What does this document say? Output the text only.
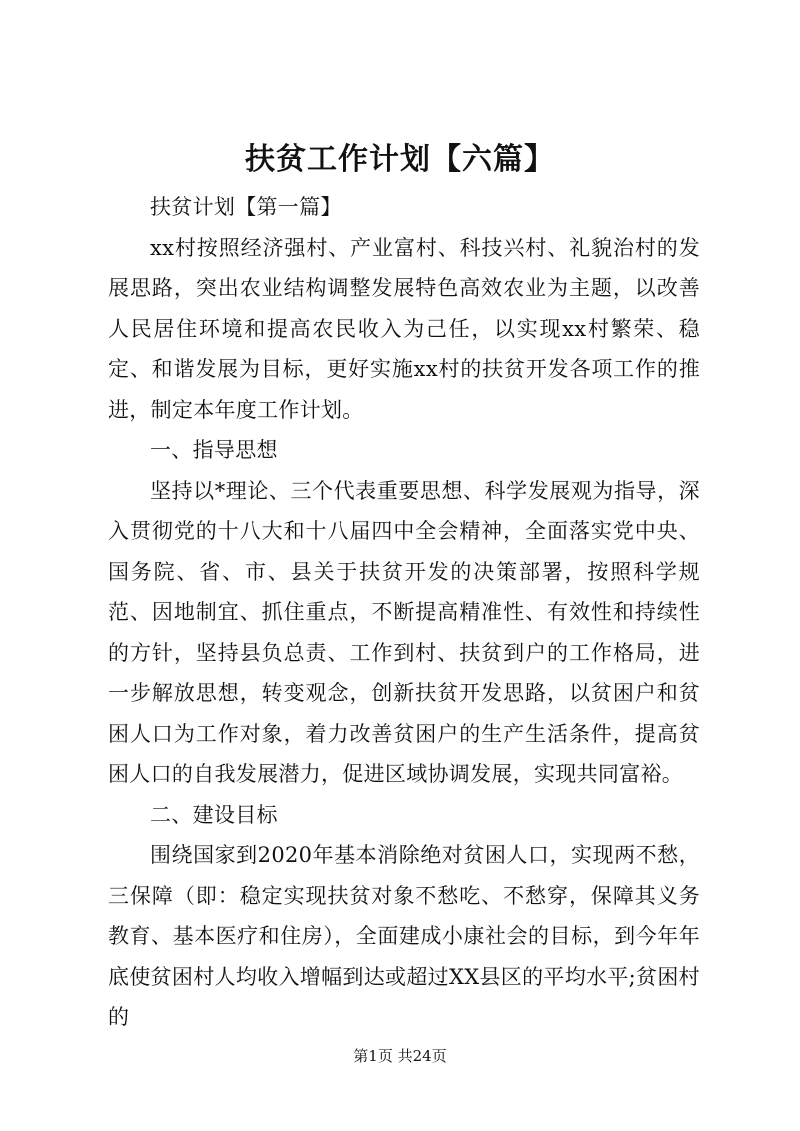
扶贫工作计划【六篇】

扶贫计划【第一篇】

xx村按照经济强村、产业富村、科技兴村、礼貌治村的发展思路，突出农业结构调整发展特色高效农业为主题，以改善人民居住环境和提高农民收入为己任，以实现xx村繁荣、稳定、和谐发展为目标，更好实施xx村的扶贫开发各项工作的推进，制定本年度工作计划。

一、指导思想

坚持以*理论、三个代表重要思想、科学发展观为指导，深入贯彻党的十八大和十八届四中全会精神，全面落实党中央、国务院、省、市、县关于扶贫开发的决策部署，按照科学规范、因地制宜、抓住重点，不断提高精准性、有效性和持续性的方针，坚持县负总责、工作到村、扶贫到户的工作格局，进一步解放思想，转变观念，创新扶贫开发思路，以贫困户和贫困人口为工作对象，着力改善贫困户的生产生活条件，提高贫困人口的自我发展潜力，促进区域协调发展，实现共同富裕。

二、建设目标

围绕国家到2020年基本消除绝对贫困人口，实现两不愁，三保障（即：稳定实现扶贫对象不愁吃、不愁穿，保障其义务教育、基本医疗和住房），全面建成小康社会的目标，到今年年底使贫困村人均收入增幅到达或超过XX县区的平均水平;贫困村的

第1页 共24页
